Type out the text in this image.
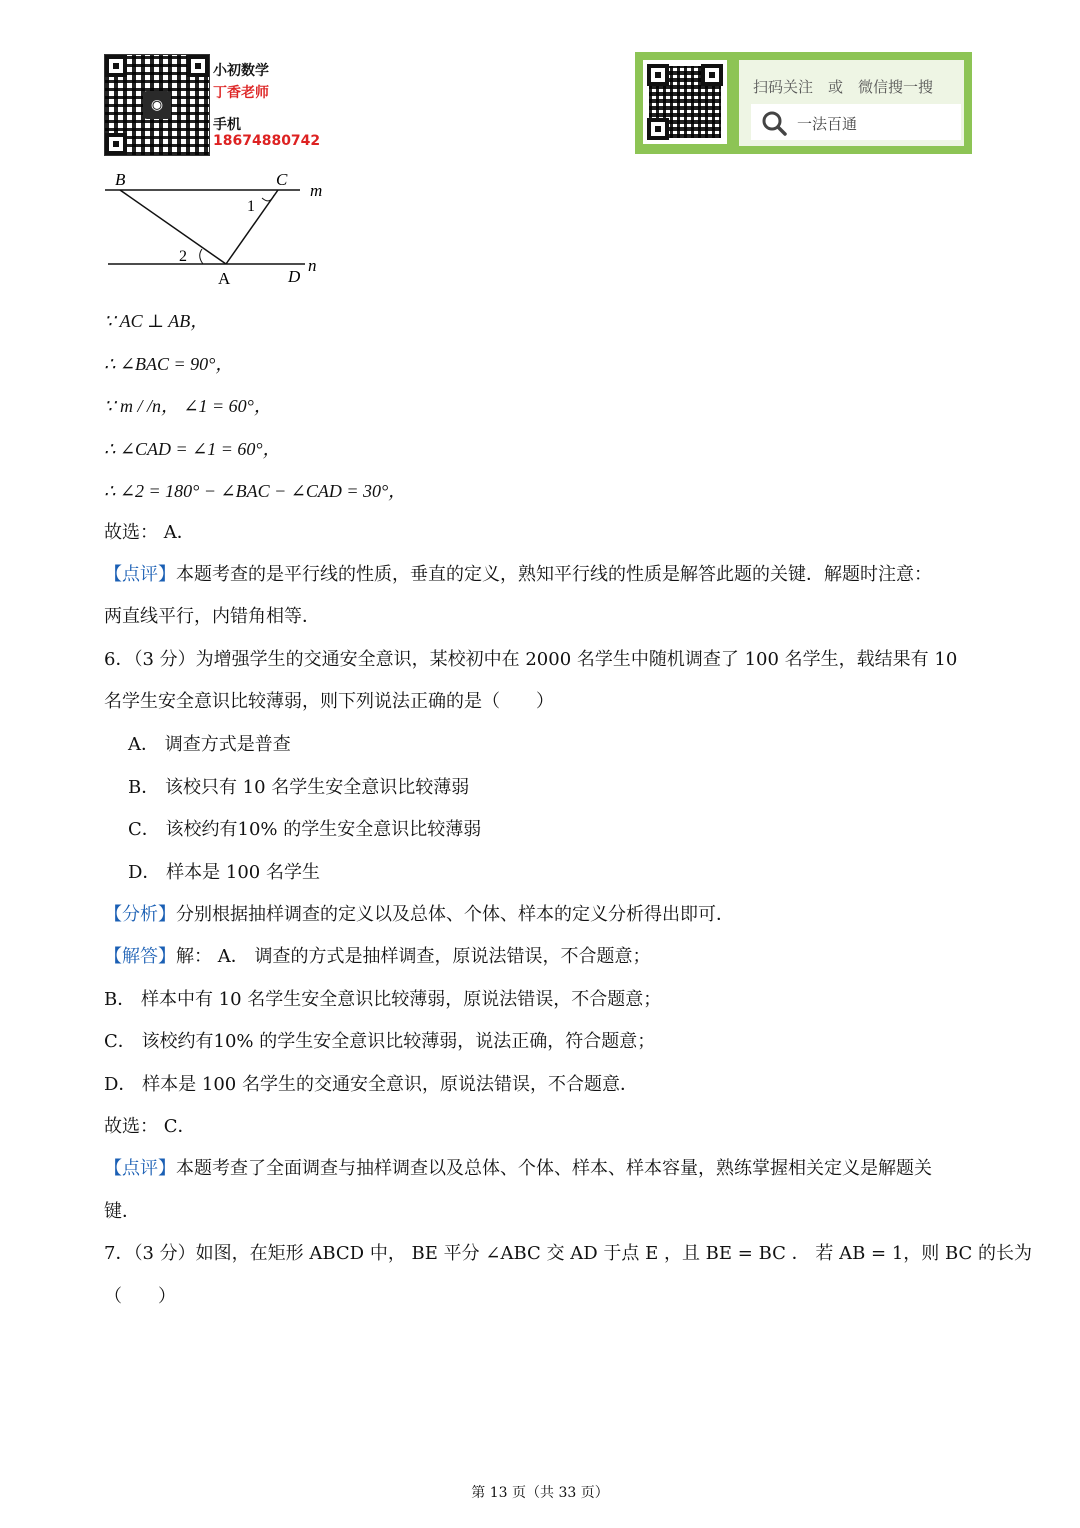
◉
小初数学
丁香老师
手机
18674880742
扫码关注　或　微信搜一搜
一法百通
B	C
m
1
2
A	D
n
∵ AC ⊥ AB，
∴ ∠BAC = 90°，
∵ m / /n， ∠1 = 60°，
∴ ∠CAD = ∠1 = 60°，
∴ ∠2 = 180° − ∠BAC − ∠CAD = 30°，
故选： A．
【点评】本题考查的是平行线的性质，垂直的定义，熟知平行线的性质是解答此题的关键．解题时注意：
两直线平行，内错角相等．
6．（3 分）为增强学生的交通安全意识，某校初中在 2000 名学生中随机调查了 100 名学生，载结果有 10
名学生安全意识比较薄弱，则下列说法正确的是（　　）
A． 调查方式是普查
B． 该校只有 10 名学生安全意识比较薄弱
C． 该校约有10% 的学生安全意识比较薄弱
D． 样本是 100 名学生
【分析】分别根据抽样调查的定义以及总体、个体、样本的定义分析得出即可．
【解答】解： A． 调查的方式是抽样调查，原说法错误，不合题意；
B． 样本中有 10 名学生安全意识比较薄弱，原说法错误，不合题意；
C． 该校约有10% 的学生安全意识比较薄弱，说法正确，符合题意；
D． 样本是 100 名学生的交通安全意识，原说法错误，不合题意．
故选： C．
【点评】本题考查了全面调查与抽样调查以及总体、个体、样本、样本容量，熟练掌握相关定义是解题关
键．
7．（3 分）如图，在矩形 ABCD 中， BE 平分 ∠ABC 交 AD 于点 E ，且 BE = BC ． 若 AB = 1，则 BC 的长为
（　　）
第 13 页（共 33 页）
